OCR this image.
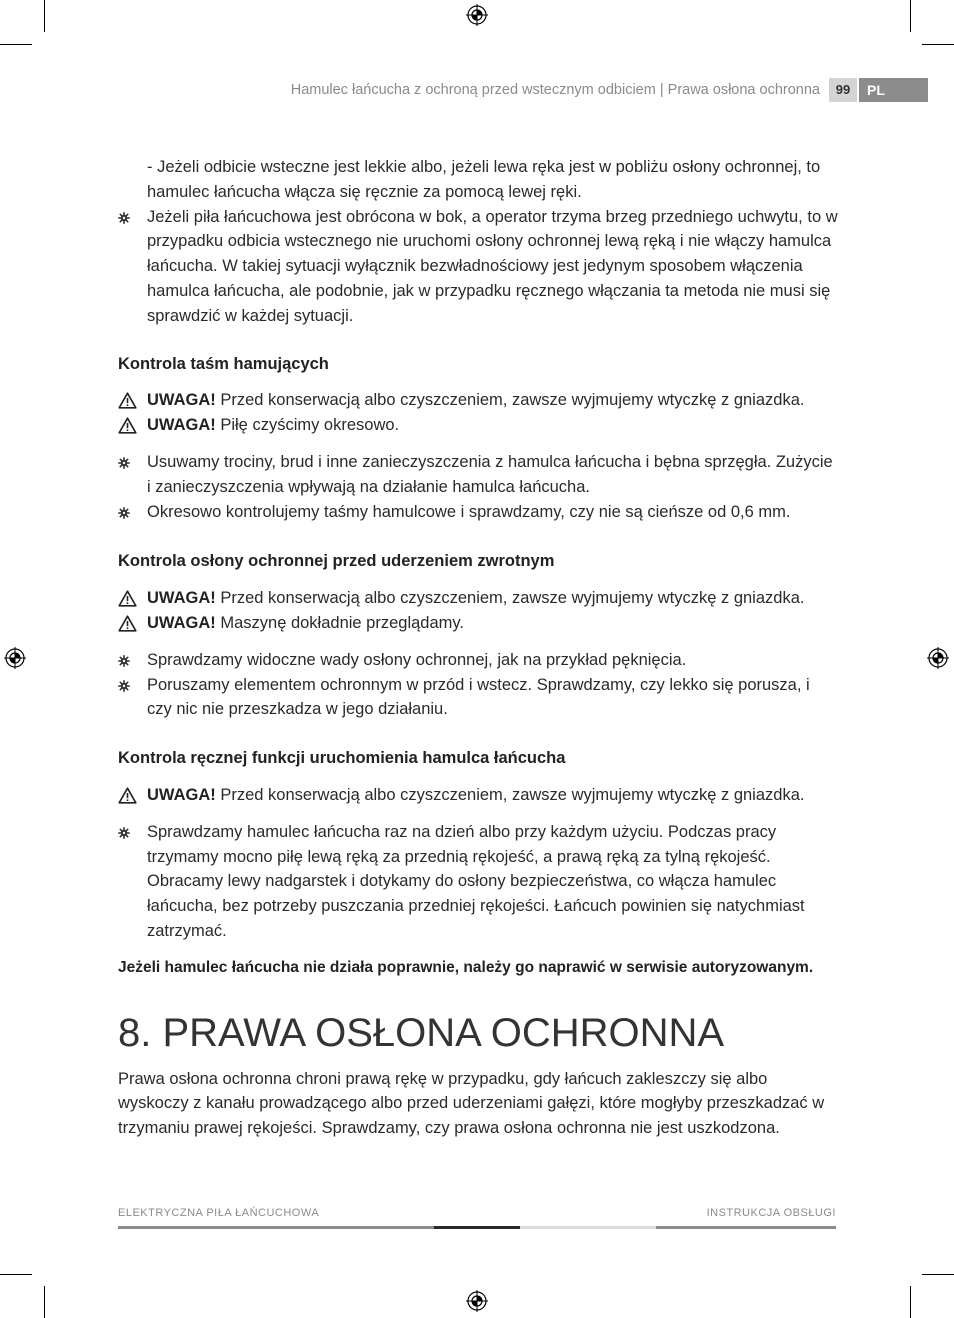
Hamulec łańcucha z ochroną przed wstecznym odbiciem | Prawa osłona ochronna	99	PL
- Jeżeli odbicie wsteczne jest lekkie albo, jeżeli lewa ręka jest w pobliżu osłony ochronnej, to hamulec łańcucha włącza się ręcznie za pomocą lewej ręki.
Jeżeli piła łańcuchowa jest obrócona w bok, a operator trzyma brzeg przedniego uchwytu, to w przypadku odbicia wstecznego nie uruchomi osłony ochronnej lewą ręką i nie włączy hamulca łańcucha. W takiej sytuacji wyłącznik bezwładnościowy jest jedynym sposobem włączenia hamulca łańcucha, ale podobnie, jak w przypadku ręcznego włączania ta metoda nie musi się sprawdzić w każdej sytuacji.
Kontrola taśm hamujących
UWAGA! Przed konserwacją albo czyszczeniem, zawsze wyjmujemy wtyczkę z gniazdka.
UWAGA! Piłę czyścimy okresowo.
Usuwamy trociny, brud i inne zanieczyszczenia z hamulca łańcucha i bębna sprzęgła. Zużycie i zanieczyszczenia wpływają na działanie hamulca łańcucha.
Okresowo kontrolujemy taśmy hamulcowe i sprawdzamy, czy nie są cieńsze od 0,6 mm.
Kontrola osłony ochronnej przed uderzeniem zwrotnym
UWAGA! Przed konserwacją albo czyszczeniem, zawsze wyjmujemy wtyczkę z gniazdka.
UWAGA! Maszynę dokładnie przeglądamy.
Sprawdzamy widoczne wady osłony ochronnej, jak na przykład pęknięcia.
Poruszamy elementem ochronnym w przód i wstecz. Sprawdzamy, czy lekko się porusza, i czy nic nie przeszkadza w jego działaniu.
Kontrola ręcznej funkcji uruchomienia hamulca łańcucha
UWAGA! Przed konserwacją albo czyszczeniem, zawsze wyjmujemy wtyczkę z gniazdka.
Sprawdzamy hamulec łańcucha raz na dzień albo przy każdym użyciu. Podczas pracy trzymamy mocno piłę lewą ręką za przednią rękojeść, a prawą ręką za tylną rękojeść. Obracamy lewy nadgarstek i dotykamy do osłony bezpieczeństwa, co włącza hamulec łańcucha, bez potrzeby puszczania przedniej rękojeści. Łańcuch powinien się natychmiast zatrzymać.
Jeżeli hamulec łańcucha nie działa poprawnie, należy go naprawić w serwisie autoryzowanym.
8. PRAWA OSŁONA OCHRONNA
Prawa osłona ochronna chroni prawą rękę w przypadku, gdy łańcuch zakleszczy się albo wyskoczy z kanału prowadzącego albo przed uderzeniami gałęzi, które mogłyby przeszkadzać w trzymaniu prawej rękojeści. Sprawdzamy, czy prawa osłona ochronna nie jest uszkodzona.
ELEKTRYCZNA PIŁA ŁAŃCUCHOWA	INSTRUKCJA OBSŁUGI
